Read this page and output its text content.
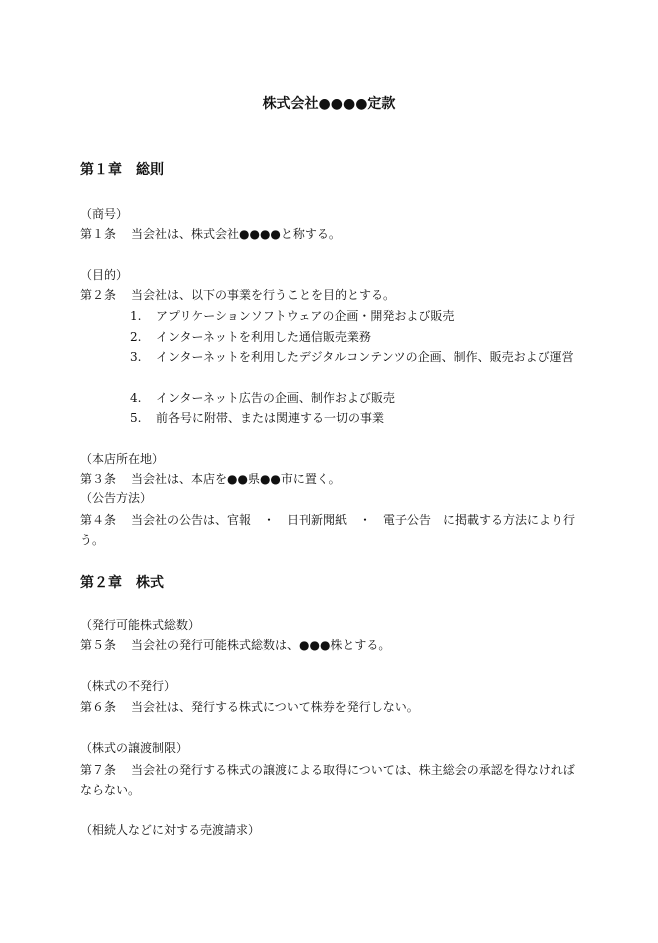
株式会社●●●●定款
第１章 総則
（商号）
第１条 当会社は、株式会社●●●●と称する。
（目的）
第２条 当会社は、以下の事業を行うことを目的とする。
1.	アプリケーションソフトウェアの企画・開発および販売
2.	インターネットを利用した通信販売業務
3.	インターネットを利用したデジタルコンテンツの企画、制作、販売および運営
4.	インターネット広告の企画、制作および販売
5.	前各号に附帯、または関連する一切の事業
（本店所在地）
第３条 当会社は、本店を●●県●●市に置く。
（公告方法）
第４条 当会社の公告は、官報　・　日刊新聞紙　・　電子公告　に掲載する方法により行う。
第２章 株式
（発行可能株式総数）
第５条 当会社の発行可能株式総数は、●●●株とする。
（株式の不発行）
第６条 当会社は、発行する株式について株券を発行しない。
（株式の譲渡制限）
第７条 当会社の発行する株式の譲渡による取得については、株主総会の承認を得なければならない。
（相続人などに対する売渡請求）
